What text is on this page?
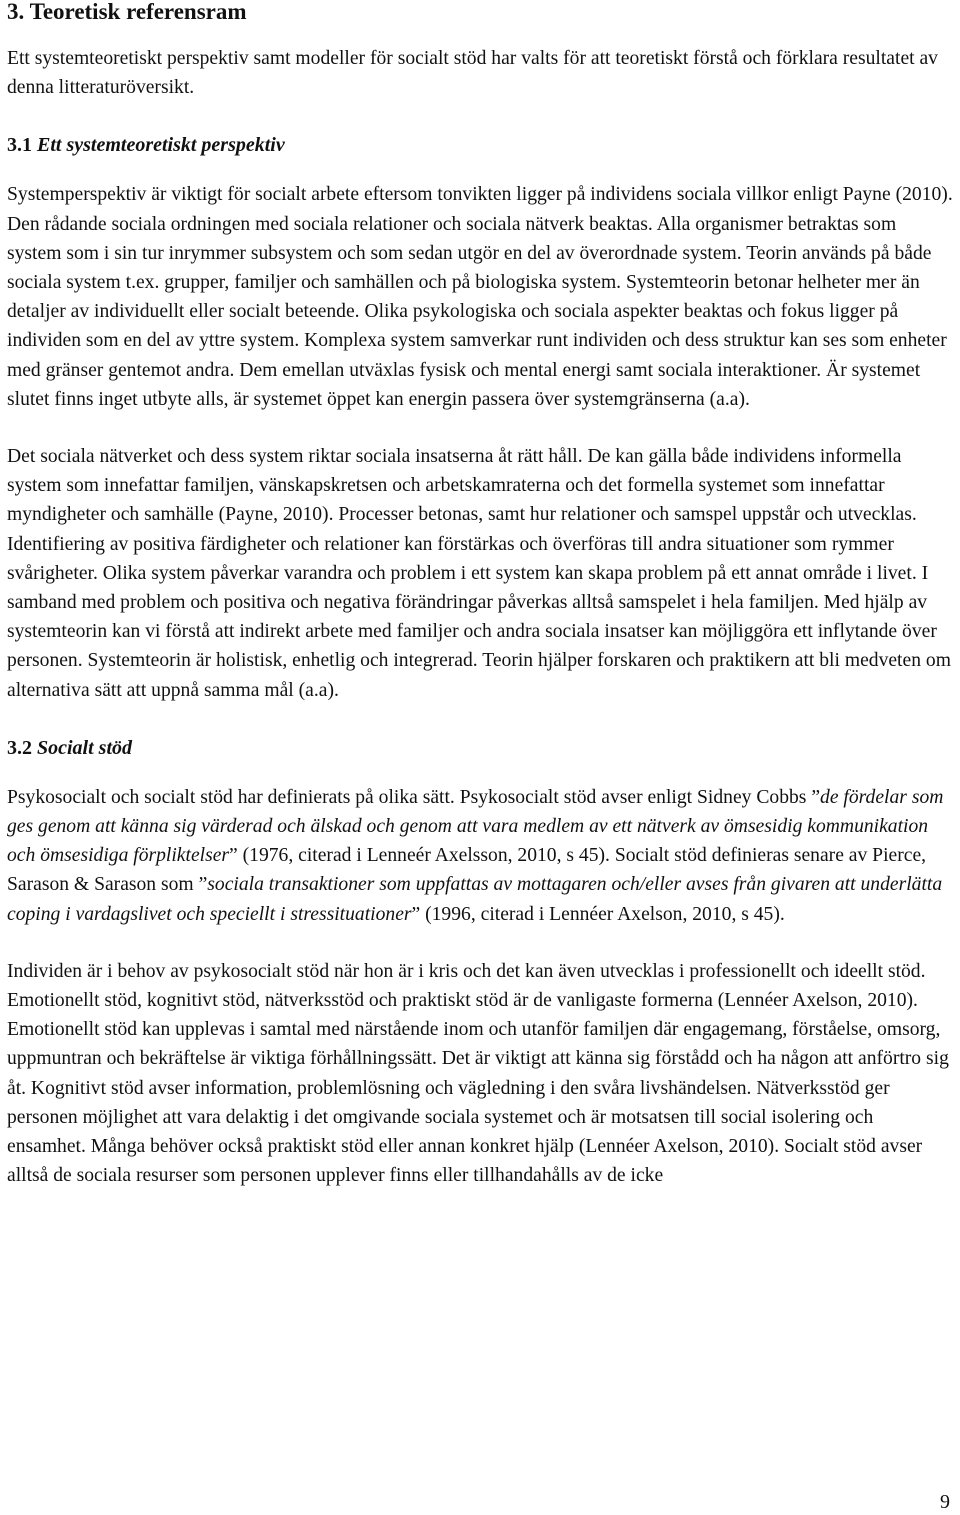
3. Teoretisk referensram

Ett systemteoretiskt perspektiv samt modeller för socialt stöd har valts för att teoretiskt förstå och förklara resultatet av denna litteraturöversikt.

3.1 Ett systemteoretiskt perspektiv

Systemperspektiv är viktigt för socialt arbete eftersom tonvikten ligger på individens sociala villkor enligt Payne (2010). Den rådande sociala ordningen med sociala relationer och sociala nätverk beaktas. Alla organismer betraktas som system som i sin tur inrymmer subsystem och som sedan utgör en del av överordnade system. Teorin används på både sociala system t.ex. grupper, familjer och samhällen och på biologiska system. Systemteorin betonar helheter mer än detaljer av individuellt eller socialt beteende. Olika psykologiska och sociala aspekter beaktas och fokus ligger på individen som en del av yttre system. Komplexa system samverkar runt individen och dess struktur kan ses som enheter med gränser gentemot andra. Dem emellan utväxlas fysisk och mental energi samt sociala interaktioner. Är systemet slutet finns inget utbyte alls, är systemet öppet kan energin passera över systemgränserna (a.a).

Det sociala nätverket och dess system riktar sociala insatserna åt rätt håll. De kan gälla både individens informella system som innefattar familjen, vänskapskretsen och arbetskamraterna och det formella systemet som innefattar myndigheter och samhälle (Payne, 2010). Processer betonas, samt hur relationer och samspel uppstår och utvecklas. Identifiering av positiva färdigheter och relationer kan förstärkas och överföras till andra situationer som rymmer svårigheter. Olika system påverkar varandra och problem i ett system kan skapa problem på ett annat område i livet. I samband med problem och positiva och negativa förändringar påverkas alltså samspelet i hela familjen. Med hjälp av systemteorin kan vi förstå att indirekt arbete med familjer och andra sociala insatser kan möjliggöra ett inflytande över personen. Systemteorin är holistisk, enhetlig och integrerad. Teorin hjälper forskaren och praktikern att bli medveten om alternativa sätt att uppnå samma mål (a.a).

3.2 Socialt stöd

Psykosocialt och socialt stöd har definierats på olika sätt. Psykosocialt stöd avser enligt Sidney Cobbs ”de fördelar som ges genom att känna sig värderad och älskad och genom att vara medlem av ett nätverk av ömsesidig kommunikation och ömsesidiga förpliktelser” (1976, citerad i Lenneér Axelsson, 2010, s 45). Socialt stöd definieras senare av Pierce, Sarason & Sarason som ”sociala transaktioner som uppfattas av mottagaren och/eller avses från givaren att underlätta coping i vardagslivet och speciellt i stressituationer” (1996, citerad i Lennéer Axelson, 2010, s 45).

Individen är i behov av psykosocialt stöd när hon är i kris och det kan även utvecklas i professionellt och ideellt stöd. Emotionellt stöd, kognitivt stöd, nätverksstöd och praktiskt stöd är de vanligaste formerna (Lennéer Axelson, 2010). Emotionellt stöd kan upplevas i samtal med närstående inom och utanför familjen där engagemang, förståelse, omsorg, uppmuntran och bekräftelse är viktiga förhållningssätt. Det är viktigt att känna sig förstådd och ha någon att anförtro sig åt. Kognitivt stöd avser information, problemlösning och vägledning i den svåra livshändelsen. Nätverksstöd ger personen möjlighet att vara delaktig i det omgivande sociala systemet och är motsatsen till social isolering och ensamhet. Många behöver också praktiskt stöd eller annan konkret hjälp (Lennéer Axelson, 2010). Socialt stöd avser alltså de sociala resurser som personen upplever finns eller tillhandahålls av de icke

9
